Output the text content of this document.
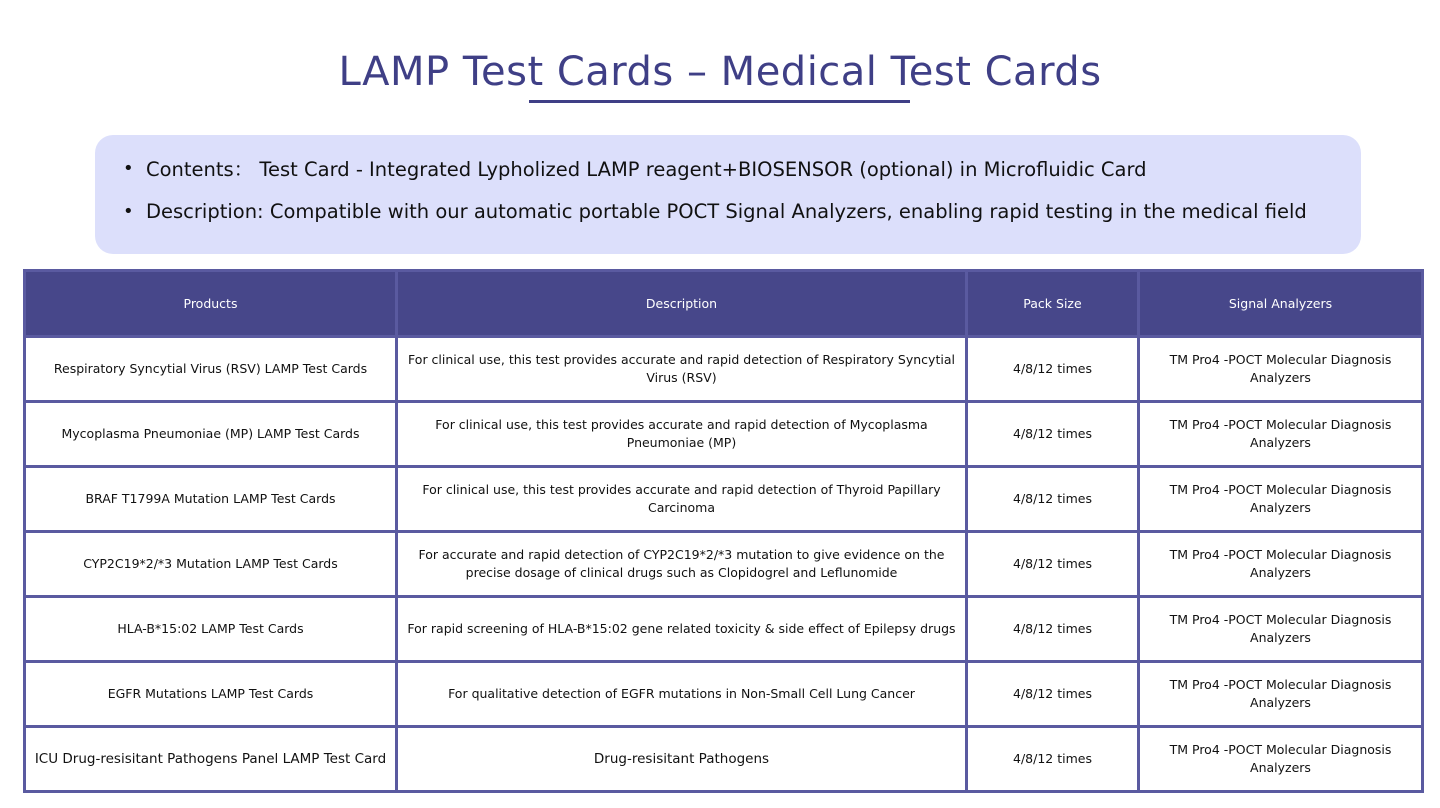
LAMP Test Cards – Medical Test Cards
• Contents： Test Card - Integrated Lypholized LAMP reagent+BIOSENSOR (optional) in Microfluidic Card
• Description: Compatible with our automatic portable POCT Signal Analyzers, enabling rapid testing in the medical field
Products	Description	Pack Size	Signal Analyzers
Respiratory Syncytial Virus (RSV) LAMP Test Cards	For clinical use, this test provides accurate and rapid detection of Respiratory Syncytial Virus (RSV)	4/8/12 times	TM Pro4 -POCT Molecular Diagnosis Analyzers
Mycoplasma Pneumoniae (MP) LAMP Test Cards	For clinical use, this test provides accurate and rapid detection of Mycoplasma Pneumoniae (MP)	4/8/12 times	TM Pro4 -POCT Molecular Diagnosis Analyzers
BRAF T1799A Mutation LAMP Test Cards	For clinical use, this test provides accurate and rapid detection of Thyroid Papillary Carcinoma	4/8/12 times	TM Pro4 -POCT Molecular Diagnosis Analyzers
CYP2C19*2/*3 Mutation LAMP Test Cards	For accurate and rapid detection of CYP2C19*2/*3 mutation to give evidence on the precise dosage of clinical drugs such as Clopidogrel and Leflunomide	4/8/12 times	TM Pro4 -POCT Molecular Diagnosis Analyzers
HLA-B*15:02 LAMP Test Cards	For rapid screening of HLA-B*15:02 gene related toxicity & side effect of Epilepsy drugs	4/8/12 times	TM Pro4 -POCT Molecular Diagnosis Analyzers
EGFR Mutations LAMP Test Cards	For qualitative detection of EGFR mutations in Non-Small Cell Lung Cancer	4/8/12 times	TM Pro4 -POCT Molecular Diagnosis Analyzers
ICU Drug-resisitant Pathogens Panel LAMP Test Card	Drug-resisitant Pathogens	4/8/12 times	TM Pro4 -POCT Molecular Diagnosis Analyzers
